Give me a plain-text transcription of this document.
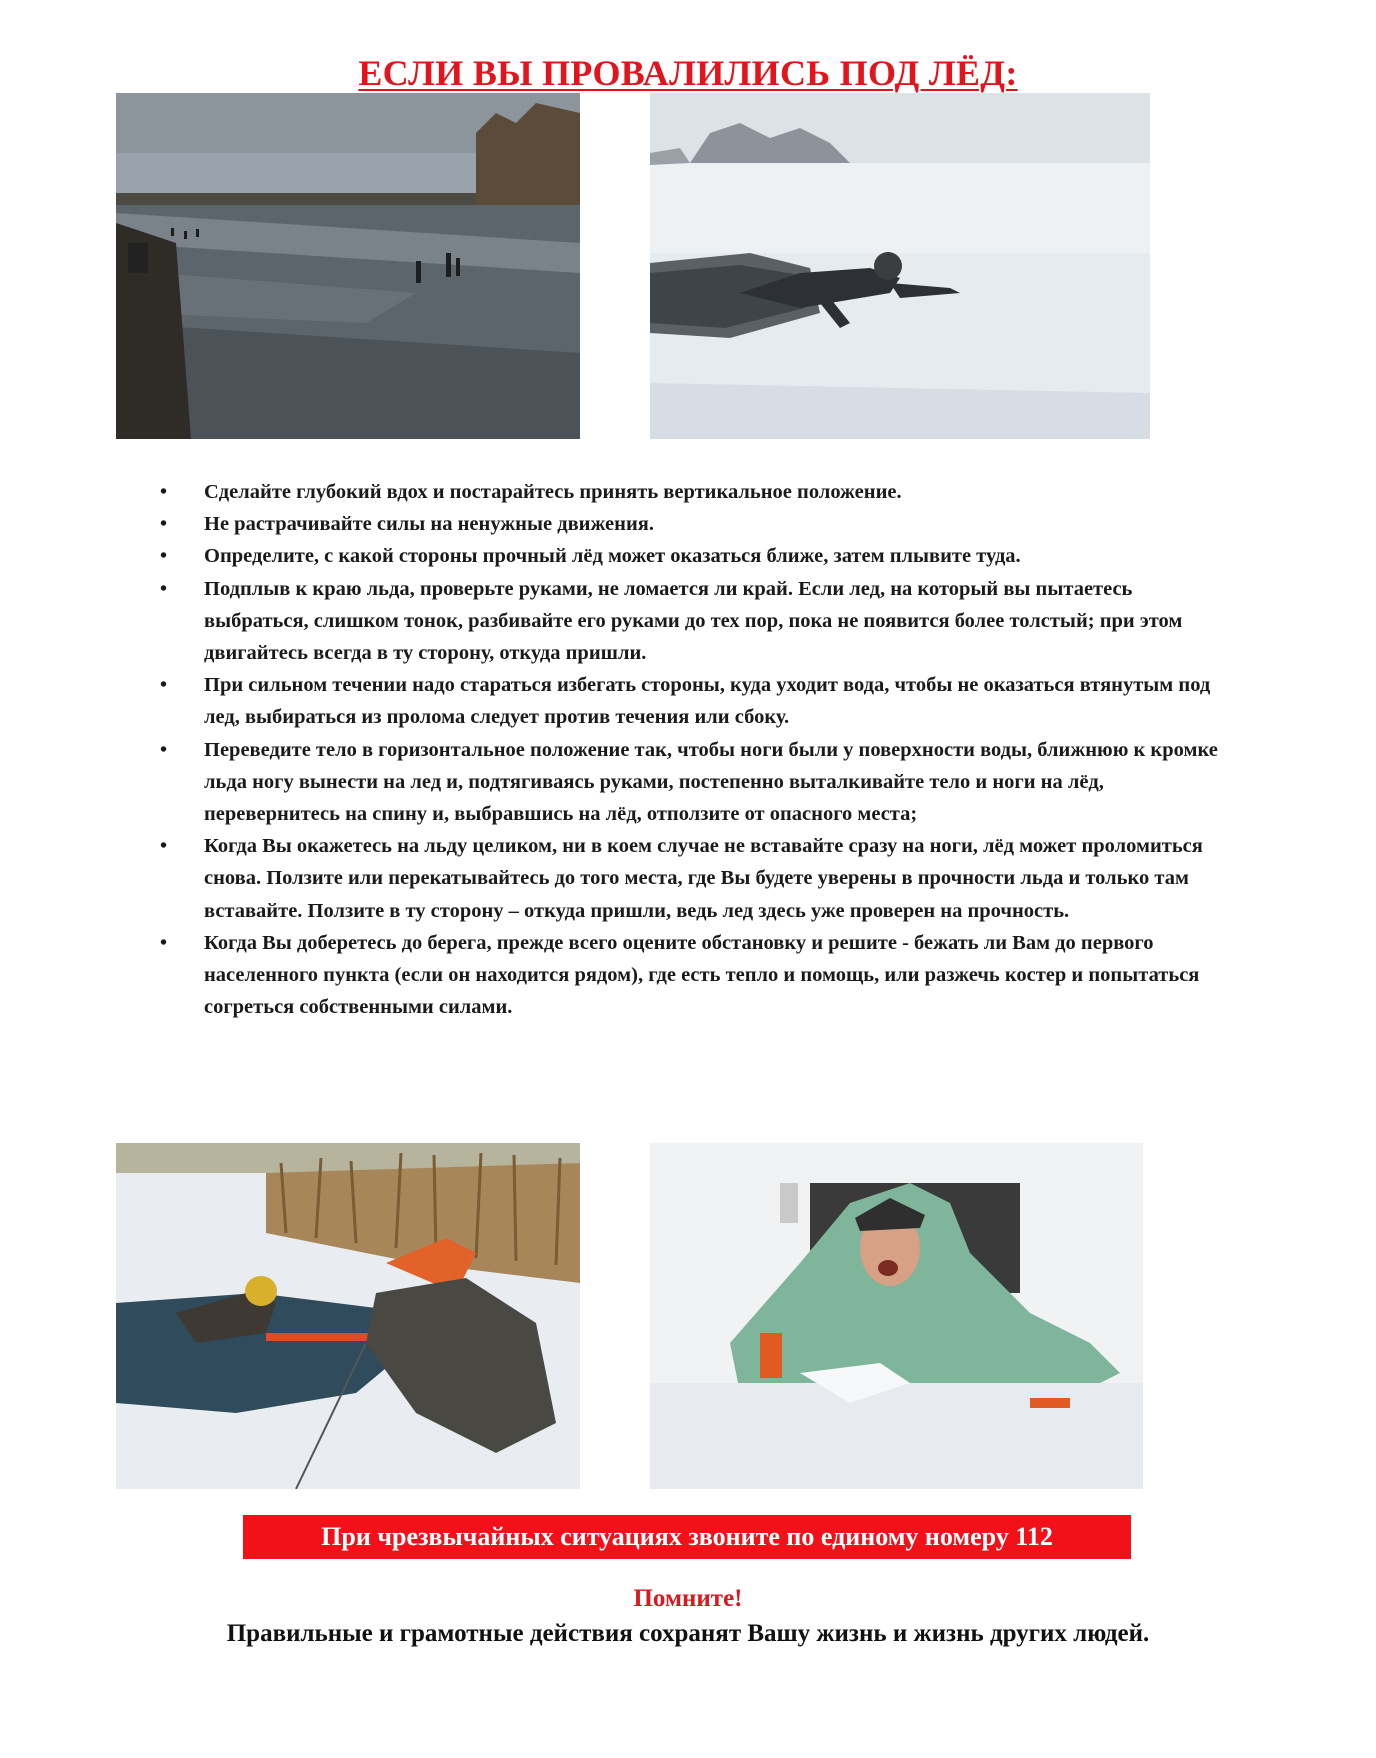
ЕСЛИ ВЫ ПРОВАЛИЛИСЬ ПОД ЛЁД:
• Сделайте глубокий вдох и постарайтесь принять вертикальное положение.
• Не растрачивайте силы на ненужные движения.
• Определите, с какой стороны прочный лёд может оказаться ближе, затем плывите туда.
• Подплыв к краю льда, проверьте руками, не ломается ли край. Если лед, на который вы пытаетесь выбраться, слишком тонок, разбивайте его руками до тех пор, пока не появится более толстый; при этом двигайтесь всегда в ту сторону, откуда пришли.
• При сильном течении надо стараться избегать стороны, куда уходит вода, чтобы не оказаться втянутым под лед, выбираться из пролома следует против течения или сбоку.
• Переведите тело в горизонтальное положение так, чтобы ноги были у поверхности воды, ближнюю к кромке льда ногу вынести на лед и, подтягиваясь руками, постепенно выталкивайте тело и ноги на лёд, перевернитесь на спину и, выбравшись на лёд, отползите от опасного места;
• Когда Вы окажетесь на льду целиком, ни в коем случае не вставайте сразу на ноги, лёд может проломиться снова. Ползите или перекатывайтесь до того места, где Вы будете уверены в прочности льда и только там вставайте. Ползите в ту сторону – откуда пришли, ведь лед здесь уже проверен на прочность.
• Когда Вы доберетесь до берега, прежде всего оцените обстановку и решите - бежать ли Вам до первого населенного пункта (если он находится рядом), где есть тепло и помощь, или разжечь костер и попытаться согреться собственными силами.
При чрезвычайных ситуациях звоните по единому номеру 112
Помните!
Правильные и грамотные действия сохранят Вашу жизнь и жизнь других людей.
